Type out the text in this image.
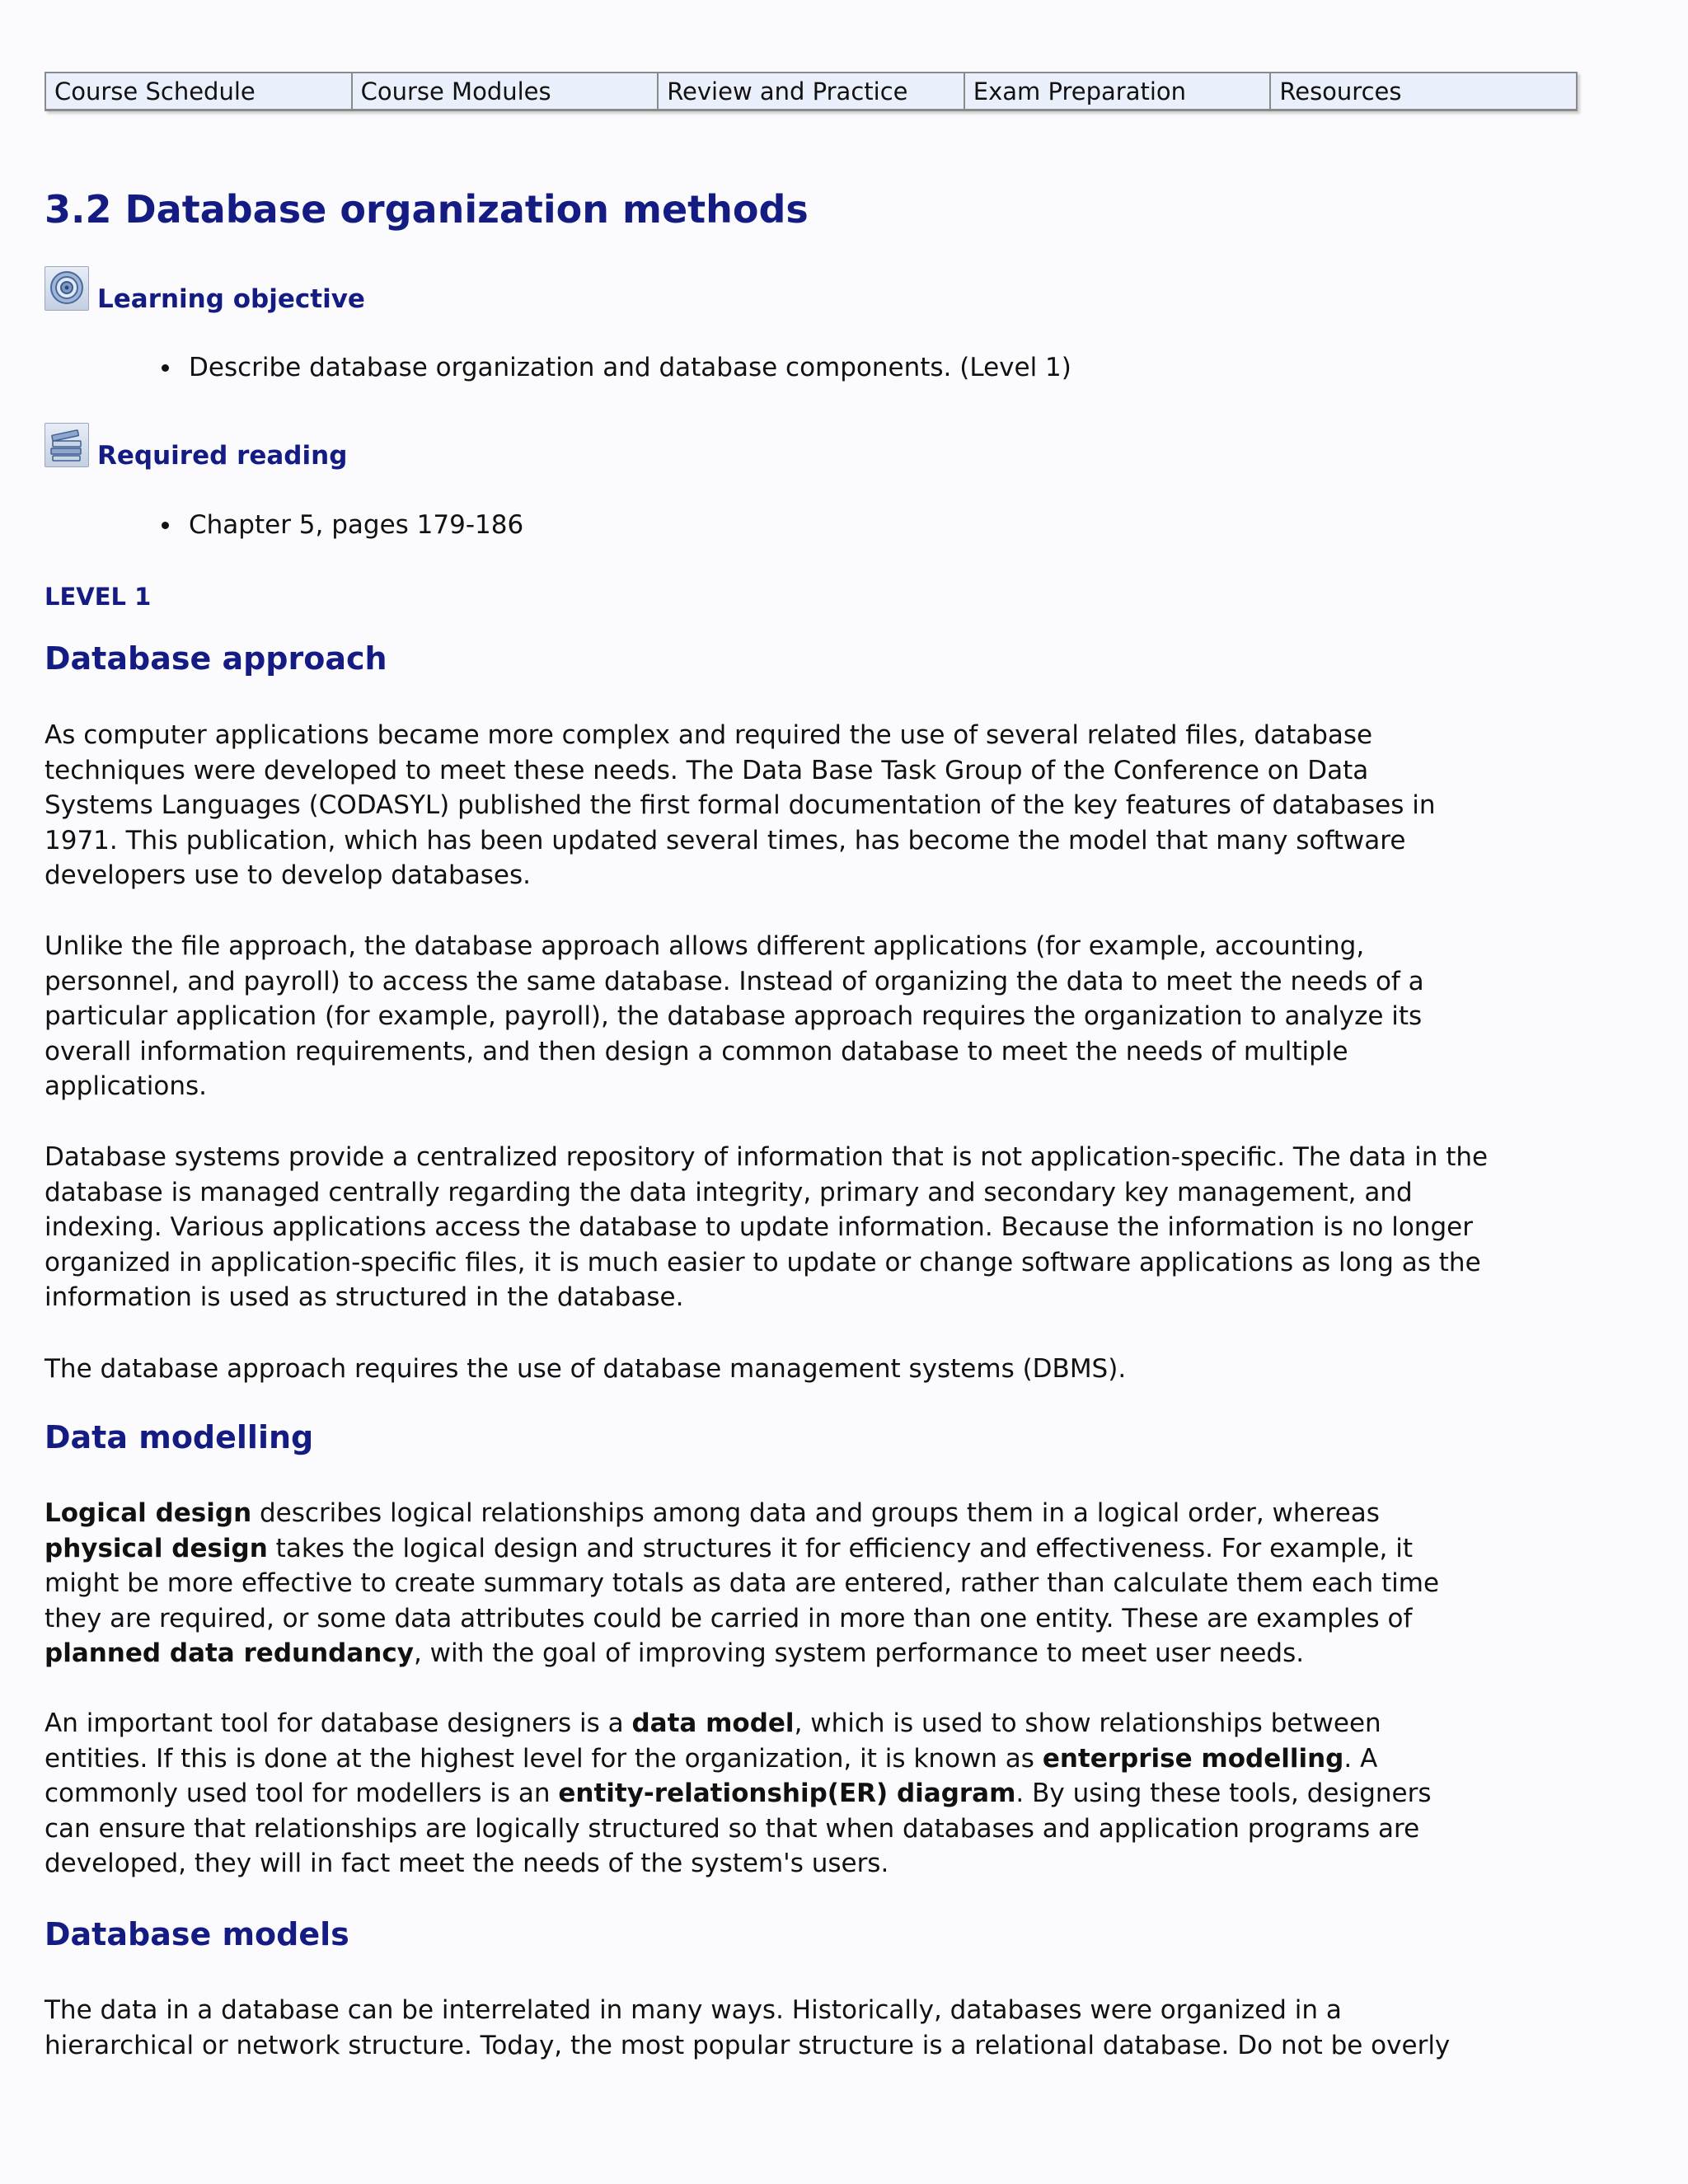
Course Schedule	Course Modules	Review and Practice	Exam Preparation	Resources
3.2 Database organization methods
Learning objective
Describe database organization and database components. (Level 1)
Required reading
Chapter 5, pages 179-186
LEVEL 1
Database approach
As computer applications became more complex and required the use of several related files, database
techniques were developed to meet these needs. The Data Base Task Group of the Conference on Data
Systems Languages (CODASYL) published the first formal documentation of the key features of databases in
1971. This publication, which has been updated several times, has become the model that many software
developers use to develop databases.
Unlike the file approach, the database approach allows different applications (for example, accounting,
personnel, and payroll) to access the same database. Instead of organizing the data to meet the needs of a
particular application (for example, payroll), the database approach requires the organization to analyze its
overall information requirements, and then design a common database to meet the needs of multiple
applications.
Database systems provide a centralized repository of information that is not application-specific. The data in the
database is managed centrally regarding the data integrity, primary and secondary key management, and
indexing. Various applications access the database to update information. Because the information is no longer
organized in application-specific files, it is much easier to update or change software applications as long as the
information is used as structured in the database.
The database approach requires the use of database management systems (DBMS).
Data modelling
Logical design describes logical relationships among data and groups them in a logical order, whereas
physical design takes the logical design and structures it for efficiency and effectiveness. For example, it
might be more effective to create summary totals as data are entered, rather than calculate them each time
they are required, or some data attributes could be carried in more than one entity. These are examples of
planned data redundancy, with the goal of improving system performance to meet user needs.
An important tool for database designers is a data model, which is used to show relationships between
entities. If this is done at the highest level for the organization, it is known as enterprise modelling. A
commonly used tool for modellers is an entity-relationship(ER) diagram. By using these tools, designers
can ensure that relationships are logically structured so that when databases and application programs are
developed, they will in fact meet the needs of the system's users.
Database models
The data in a database can be interrelated in many ways. Historically, databases were organized in a
hierarchical or network structure. Today, the most popular structure is a relational database. Do not be overly
